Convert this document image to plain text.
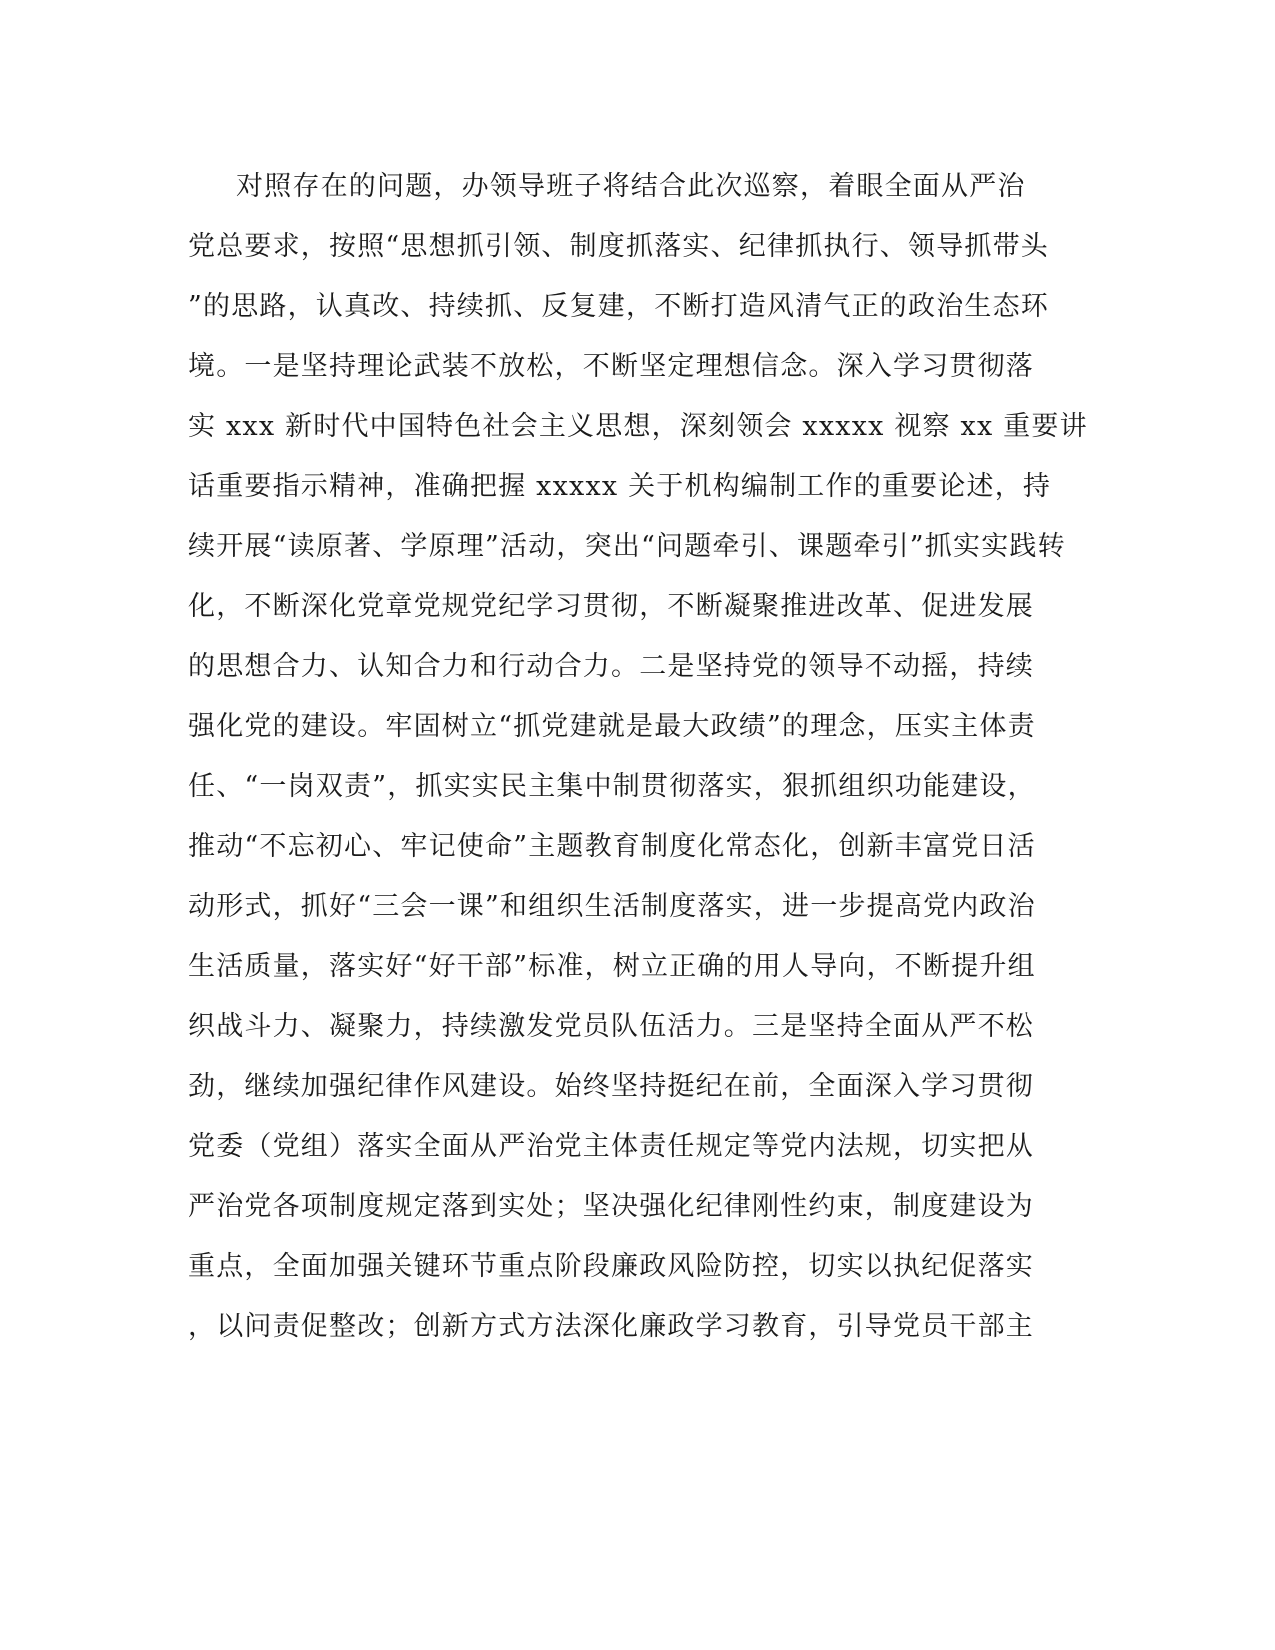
对照存在的问题，办领导班子将结合此次巡察，着眼全面从严治
党总要求，按照“思想抓引领、制度抓落实、纪律抓执行、领导抓带头
”的思路，认真改、持续抓、反复建，不断打造风清气正的政治生态环
境。一是坚持理论武装不放松，不断坚定理想信念。深入学习贯彻落
实 xxx 新时代中国特色社会主义思想，深刻领会 xxxxx 视察 xx 重要讲
话重要指示精神，准确把握 xxxxx 关于机构编制工作的重要论述，持
续开展“读原著、学原理”活动，突出“问题牵引、课题牵引”抓实实践转
化，不断深化党章党规党纪学习贯彻，不断凝聚推进改革、促进发展
的思想合力、认知合力和行动合力。二是坚持党的领导不动摇，持续
强化党的建设。牢固树立“抓党建就是最大政绩”的理念，压实主体责
任、“一岗双责”，抓实实民主集中制贯彻落实，狠抓组织功能建设，
推动“不忘初心、牢记使命”主题教育制度化常态化，创新丰富党日活
动形式，抓好“三会一课”和组织生活制度落实，进一步提高党内政治
生活质量，落实好“好干部”标准，树立正确的用人导向，不断提升组
织战斗力、凝聚力，持续激发党员队伍活力。三是坚持全面从严不松
劲，继续加强纪律作风建设。始终坚持挺纪在前，全面深入学习贯彻
党委（党组）落实全面从严治党主体责任规定等党内法规，切实把从
严治党各项制度规定落到实处；坚决强化纪律刚性约束，制度建设为
重点，全面加强关键环节重点阶段廉政风险防控，切实以执纪促落实
，以问责促整改；创新方式方法深化廉政学习教育，引导党员干部主
